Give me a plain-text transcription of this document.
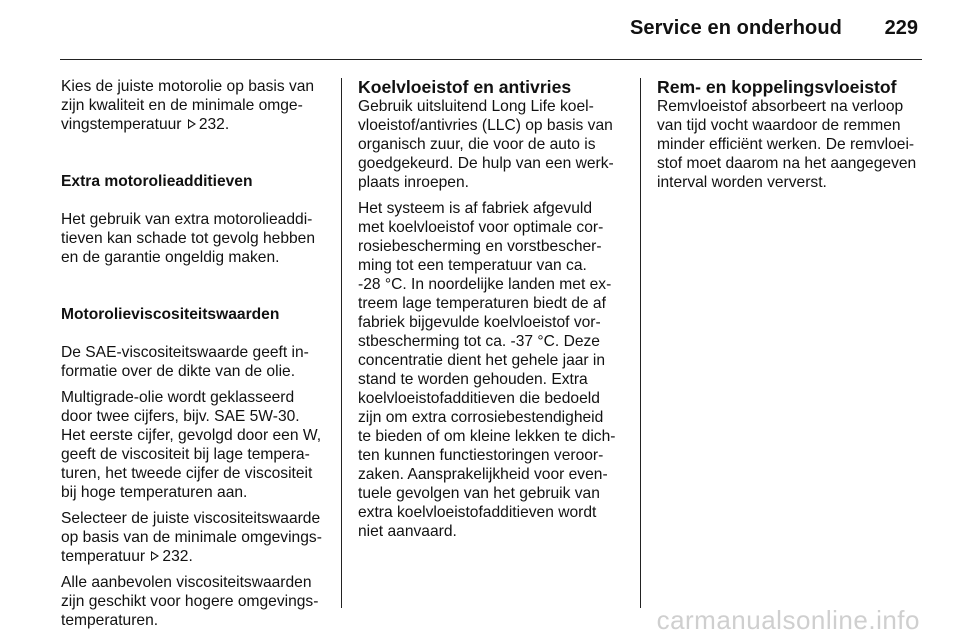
Service en onderhoud 229

Kies de juiste motorolie op basis van
zijn kwaliteit en de minimale omge-
vingstemperatuur 232.

Extra motorolieadditieven

Het gebruik van extra motorolieaddi-
tieven kan schade tot gevolg hebben
en de garantie ongeldig maken.

Motorolieviscositeitswaarden

De SAE-viscositeitswaarde geeft in-
formatie over de dikte van de olie.

Multigrade-olie wordt geklasseerd
door twee cijfers, bijv. SAE 5W-30.
Het eerste cijfer, gevolgd door een W,
geeft de viscositeit bij lage tempera-
turen, het tweede cijfer de viscositeit
bij hoge temperaturen aan.

Selecteer de juiste viscositeitswaarde
op basis van de minimale omgevings-
temperatuur 232.

Alle aanbevolen viscositeitswaarden
zijn geschikt voor hogere omgevings-
temperaturen.

Koelvloeistof en antivries

Gebruik uitsluitend Long Life koel-
vloeistof/antivries (LLC) op basis van
organisch zuur, die voor de auto is
goedgekeurd. De hulp van een werk-
plaats inroepen.

Het systeem is af fabriek afgevuld
met koelvloeistof voor optimale cor-
rosiebescherming en vorstbescher-
ming tot een temperatuur van ca.
-28 °C. In noordelijke landen met ex-
treem lage temperaturen biedt de af
fabriek bijgevulde koelvloeistof vor-
stbescherming tot ca. -37 °C. Deze
concentratie dient het gehele jaar in
stand te worden gehouden. Extra
koelvloeistofadditieven die bedoeld
zijn om extra corrosiebestendigheid
te bieden of om kleine lekken te dich-
ten kunnen functiestoringen veroor-
zaken. Aansprakelijkheid voor even-
tuele gevolgen van het gebruik van
extra koelvloeistofadditieven wordt
niet aanvaard.

Rem- en koppelingsvloeistof

Remvloeistof absorbeert na verloop
van tijd vocht waardoor de remmen
minder efficiënt werken. De remvloei-
stof moet daarom na het aangegeven
interval worden ververst.

carmanualsonline.info
